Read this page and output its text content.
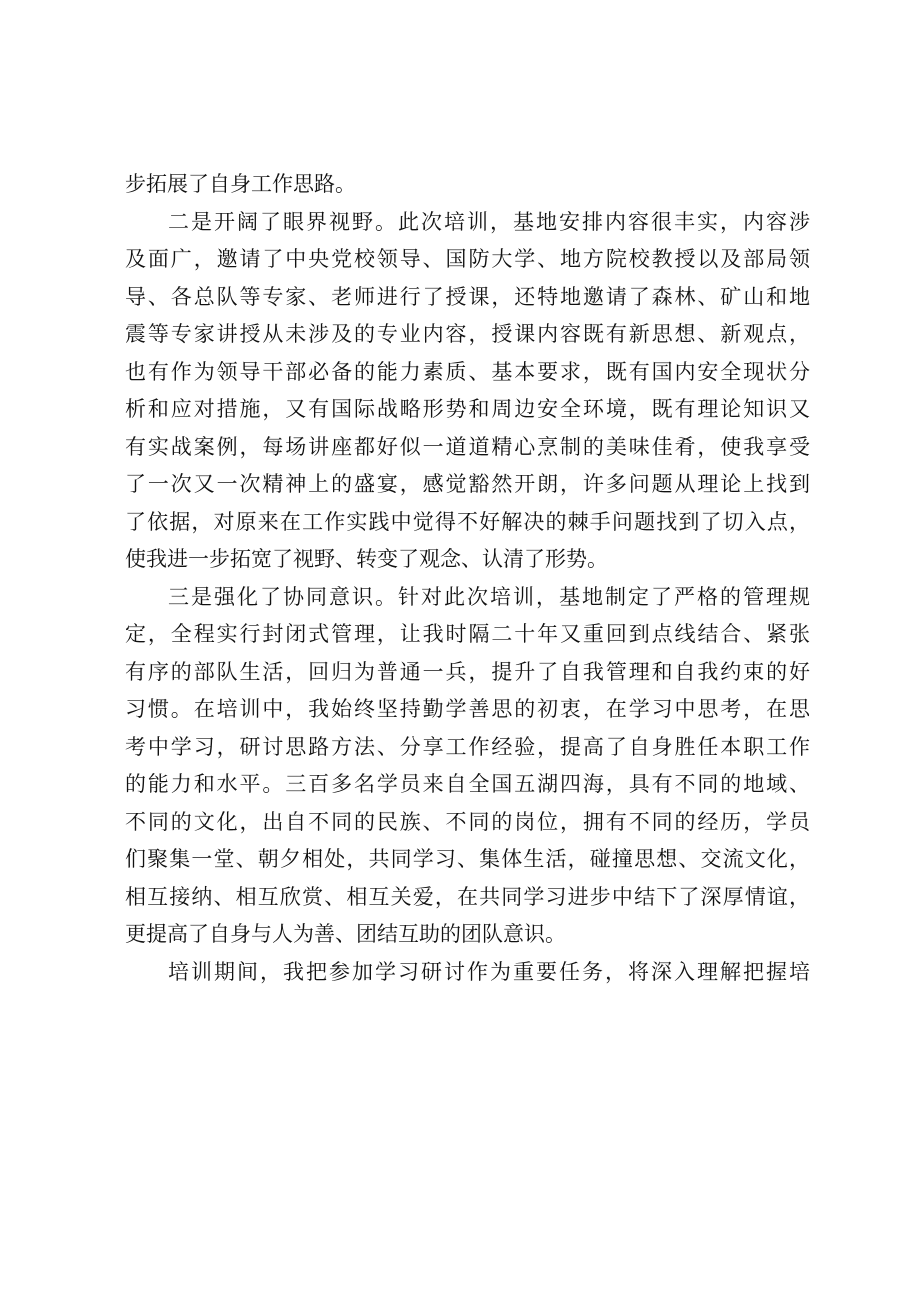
步拓展了自身工作思路。
二是开阔了眼界视野。此次培训，基地安排内容很丰实，内容涉
及面广，邀请了中央党校领导、国防大学、地方院校教授以及部局领
导、各总队等专家、老师进行了授课，还特地邀请了森林、矿山和地
震等专家讲授从未涉及的专业内容，授课内容既有新思想、新观点，
也有作为领导干部必备的能力素质、基本要求，既有国内安全现状分
析和应对措施，又有国际战略形势和周边安全环境，既有理论知识又
有实战案例，每场讲座都好似一道道精心烹制的美味佳肴，使我享受
了一次又一次精神上的盛宴，感觉豁然开朗，许多问题从理论上找到
了依据，对原来在工作实践中觉得不好解决的棘手问题找到了切入点，
使我进一步拓宽了视野、转变了观念、认清了形势。
三是强化了协同意识。针对此次培训，基地制定了严格的管理规
定，全程实行封闭式管理，让我时隔二十年又重回到点线结合、紧张
有序的部队生活，回归为普通一兵，提升了自我管理和自我约束的好
习惯。在培训中，我始终坚持勤学善思的初衷，在学习中思考，在思
考中学习，研讨思路方法、分享工作经验，提高了自身胜任本职工作
的能力和水平。三百多名学员来自全国五湖四海，具有不同的地域、
不同的文化，出自不同的民族、不同的岗位，拥有不同的经历，学员
们聚集一堂、朝夕相处，共同学习、集体生活，碰撞思想、交流文化，
相互接纳、相互欣赏、相互关爱，在共同学习进步中结下了深厚情谊，
更提高了自身与人为善、团结互助的团队意识。
培训期间，我把参加学习研讨作为重要任务，将深入理解把握培
